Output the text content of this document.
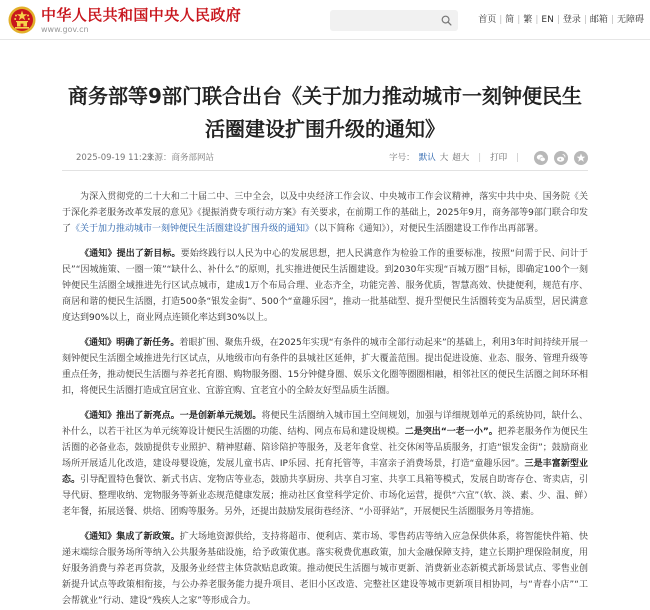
中华人民共和国中央人民政府
www.gov.cn
首页 | 简 | 繁 | EN | 登录 | 邮箱 | 无障碍
商务部等9部门联合出台《关于加力推动城市一刻钟便民生活圈建设扩围升级的通知》
2025-09-19 11:23
来源：商务部网站	字号： 默认 大 超大 | 打印 |

为深入贯彻党的二十大和二十届二中、三中全会，以及中央经济工作会议、中央城市工作会议精神，落实中共中央、国务院《关于深化养老服务改革发展的意见》《提振消费专项行动方案》有关要求，在前期工作的基础上，2025年9月，商务部等9部门联合印发了《关于加力推动城市一刻钟便民生活圈建设扩围升级的通知》（以下简称《通知》），对便民生活圈建设工作作出再部署。

《通知》提出了新目标。要始终践行以人民为中心的发展思想，把人民满意作为检验工作的重要标准，按照“问需于民、问计于民”“因城施策、一圈一策”“缺什么、补什么”的原则，扎实推进便民生活圈建设。到2030年实现“百城万圈”目标，即确定100个一刻钟便民生活圈全域推进先行区试点城市，建成1万个布局合理、业态齐全，功能完善、服务优质，智慧高效、快捷便利，规范有序、商居和谐的便民生活圈，打造500条“银发金街”、500个“童趣乐园”，推动一批基础型、提升型便民生活圈转变为品质型，居民满意度达到90%以上，商业网点连锁化率达到30%以上。

《通知》明确了新任务。着眼扩围、聚焦升级，在2025年实现“有条件的城市全部行动起来”的基础上，利用3年时间持续开展一刻钟便民生活圈全域推进先行区试点，从地级市向有条件的县城社区延伸，扩大覆盖范围。提出促进设施、业态、服务、管理升级等重点任务，推动便民生活圈与养老托育圈、购物服务圈、15分钟健身圈、娱乐文化圈等圈圈相融，相邻社区的便民生活圈之间环环相扣，将便民生活圈打造成宜居宜业、宜游宜购、宜老宜小的全龄友好型品质生活圈。

《通知》推出了新亮点。一是创新单元规划。将便民生活圈纳入城市国土空间规划，加强与详细规划单元的系统协同，缺什么、补什么，以若干社区为单元统筹设计便民生活圈的功能、结构、网点布局和建设规模。二是突出“一老一小”。把养老服务作为便民生活圈的必备业态，鼓励提供专业照护、精神慰藉、陪诊陪护等服务，及老年食堂、社交休闲等品质服务，打造“银发金街”；鼓励商业场所开展适儿化改造，建设母婴设施，发展儿童书店、IP乐园、托育托管等，丰富亲子消费场景，打造“童趣乐园”。三是丰富新型业态。引导配置特色餐饮、新式书店、宠物店等业态，鼓励共享厨房、共享自习室、共享工具箱等模式，发展自助寄存仓、寄卖店，引导代厨、整理收纳、宠物服务等新业态规范健康发展；推动社区食堂科学定价、市场化运营，提供“六宜”（软、淡、素、少、温、鲜）老年餐，拓展送餐、烘焙、团购等服务。另外，还提出鼓励发展街巷经济、“小哥驿站”，开展便民生活圈服务月等措施。

《通知》集成了新政策。扩大场地资源供给，支持将超市、便利店、菜市场、零售药店等纳入应急保供体系，将智能快件箱、快递末端综合服务场所等纳入公共服务基础设施，给予政策优惠。落实税费优惠政策，加大金融保障支持，建立长期护理保险制度，用好服务消费与养老再贷款，及服务业经营主体贷款贴息政策。推动便民生活圈与城市更新、消费新业态新模式新场景试点、零售业创新提升试点等政策相衔接，与公办养老服务能力提升项目、老旧小区改造、完整社区建设等城市更新项目相协同，与“青春小店”“工会帮就业”行动、建设“残疾人之家”等形成合力。
